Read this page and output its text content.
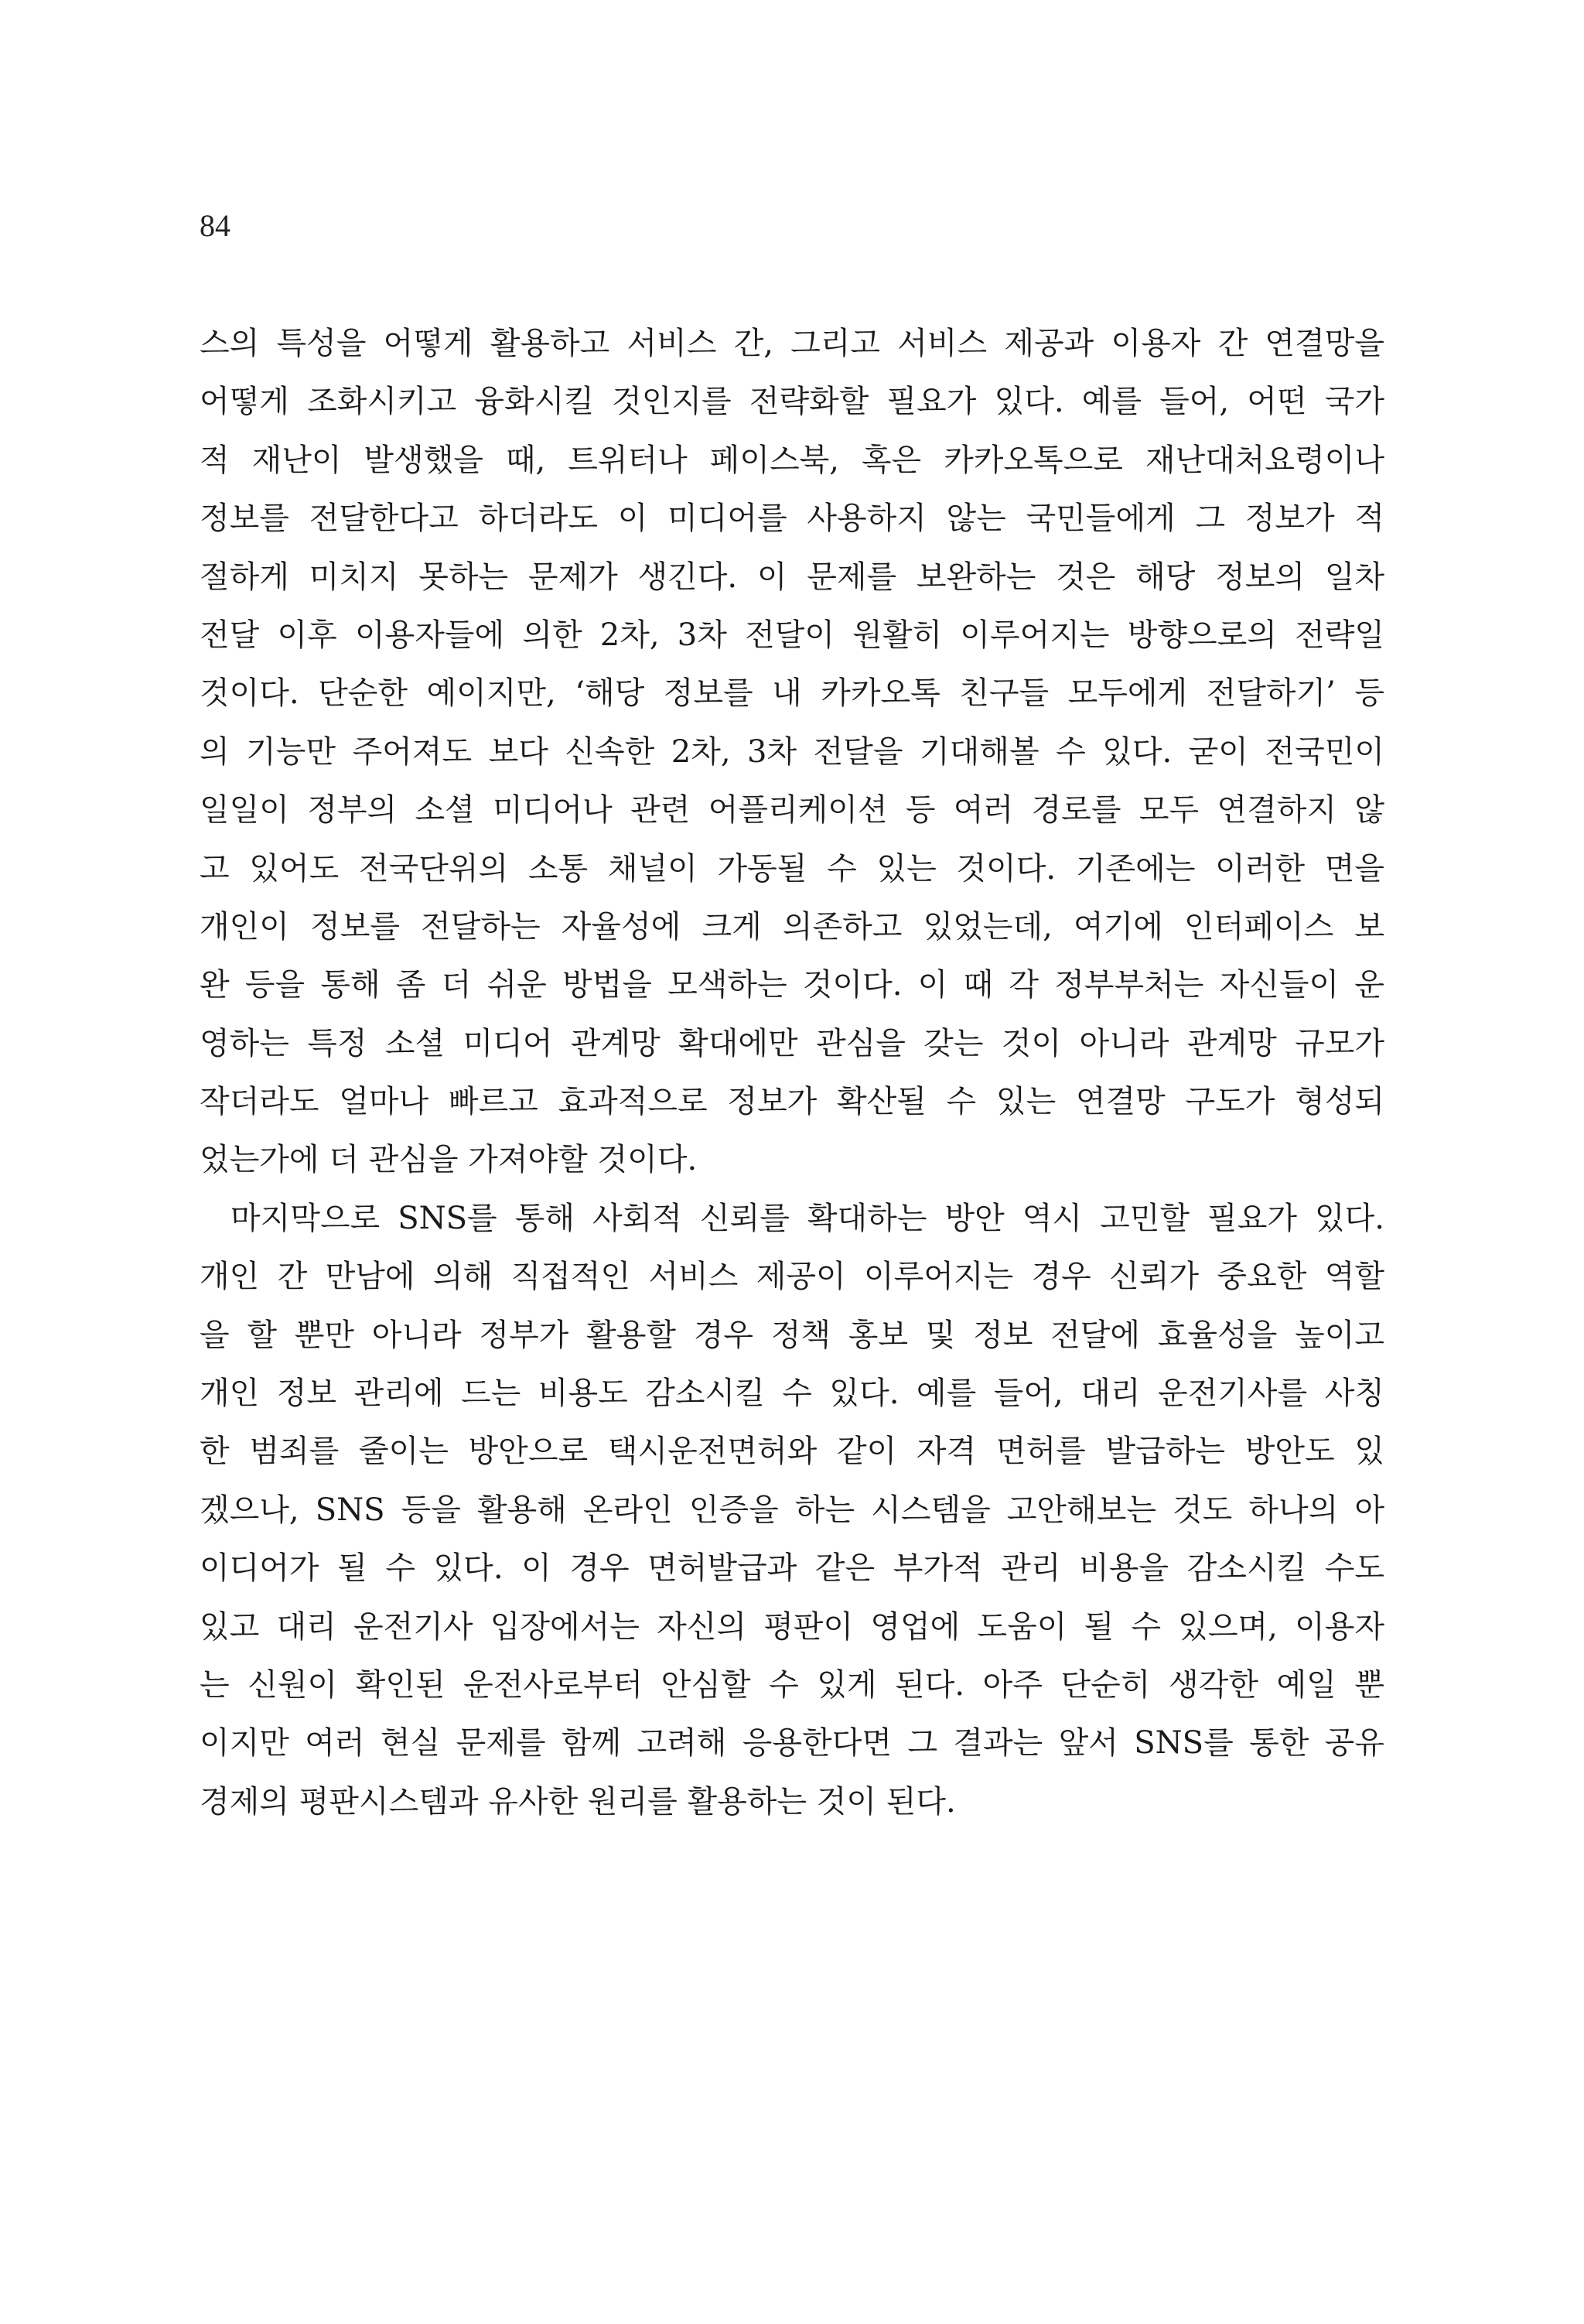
84
스의 특성을 어떻게 활용하고 서비스 간, 그리고 서비스 제공과 이용자 간 연결망을
어떻게 조화시키고 융화시킬 것인지를 전략화할 필요가 있다. 예를 들어, 어떤 국가
적 재난이 발생했을 때, 트위터나 페이스북, 혹은 카카오톡으로 재난대처요령이나
정보를 전달한다고 하더라도 이 미디어를 사용하지 않는 국민들에게 그 정보가 적
절하게 미치지 못하는 문제가 생긴다. 이 문제를 보완하는 것은 해당 정보의 일차
전달 이후 이용자들에 의한 2차, 3차 전달이 원활히 이루어지는 방향으로의 전략일
것이다. 단순한 예이지만, ‘해당 정보를 내 카카오톡 친구들 모두에게 전달하기’ 등
의 기능만 주어져도 보다 신속한 2차, 3차 전달을 기대해볼 수 있다. 굳이 전국민이
일일이 정부의 소셜 미디어나 관련 어플리케이션 등 여러 경로를 모두 연결하지 않
고 있어도 전국단위의 소통 채널이 가동될 수 있는 것이다. 기존에는 이러한 면을
개인이 정보를 전달하는 자율성에 크게 의존하고 있었는데, 여기에 인터페이스 보
완 등을 통해 좀 더 쉬운 방법을 모색하는 것이다. 이 때 각 정부부처는 자신들이 운
영하는 특정 소셜 미디어 관계망 확대에만 관심을 갖는 것이 아니라 관계망 규모가
작더라도 얼마나 빠르고 효과적으로 정보가 확산될 수 있는 연결망 구도가 형성되
었는가에 더 관심을 가져야할 것이다.
마지막으로 SNS를 통해 사회적 신뢰를 확대하는 방안 역시 고민할 필요가 있다.
개인 간 만남에 의해 직접적인 서비스 제공이 이루어지는 경우 신뢰가 중요한 역할
을 할 뿐만 아니라 정부가 활용할 경우 정책 홍보 및 정보 전달에 효율성을 높이고
개인 정보 관리에 드는 비용도 감소시킬 수 있다. 예를 들어, 대리 운전기사를 사칭
한 범죄를 줄이는 방안으로 택시운전면허와 같이 자격 면허를 발급하는 방안도 있
겠으나, SNS 등을 활용해 온라인 인증을 하는 시스템을 고안해보는 것도 하나의 아
이디어가 될 수 있다. 이 경우 면허발급과 같은 부가적 관리 비용을 감소시킬 수도
있고 대리 운전기사 입장에서는 자신의 평판이 영업에 도움이 될 수 있으며, 이용자
는 신원이 확인된 운전사로부터 안심할 수 있게 된다. 아주 단순히 생각한 예일 뿐
이지만 여러 현실 문제를 함께 고려해 응용한다면 그 결과는 앞서 SNS를 통한 공유
경제의 평판시스템과 유사한 원리를 활용하는 것이 된다.
